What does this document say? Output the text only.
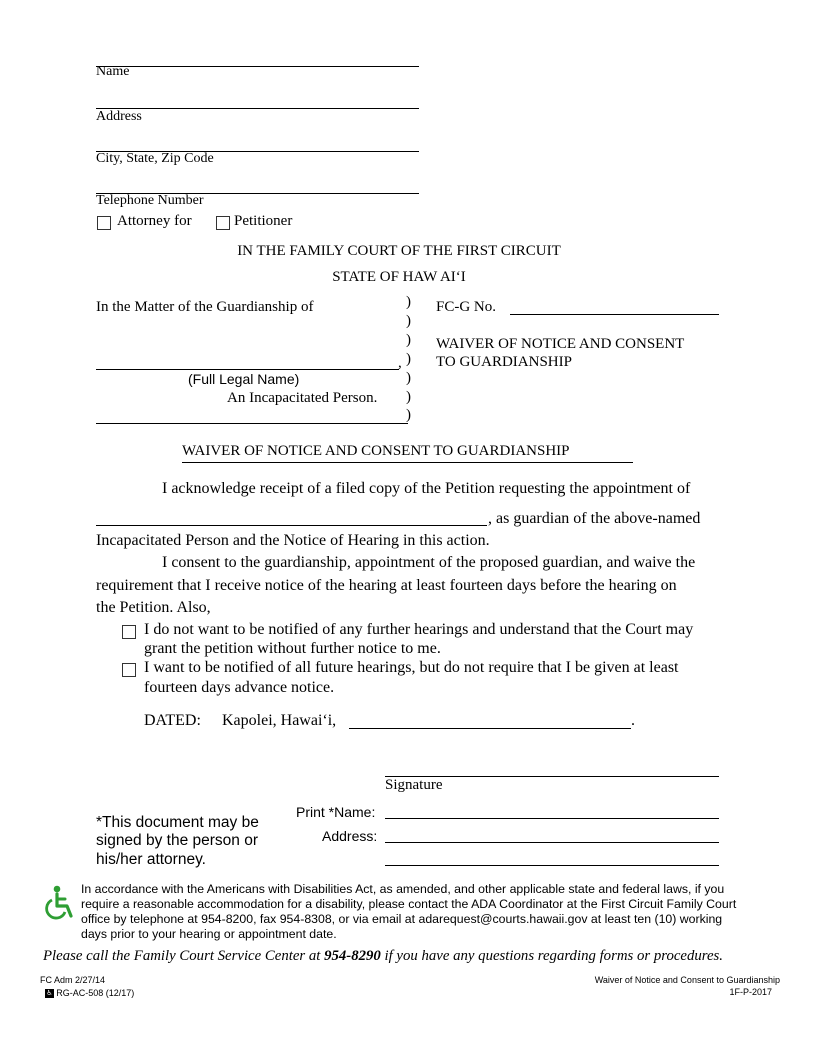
Name
Address
City, State, Zip Code
Telephone Number
Attorney for	Petitioner
IN THE FAMILY COURT OF THE FIRST CIRCUIT
STATE OF HAW AI‘I
In the Matter of the Guardianship of
,
(Full Legal Name)
An Incapacitated Person.
)
)
)
)
)
)
)
FC-G No.
WAIVER OF NOTICE AND CONSENT
TO GUARDIANSHIP
WAIVER OF NOTICE AND CONSENT TO GUARDIANSHIP
I acknowledge receipt of a filed copy of the Petition requesting the appointment of
, as guardian of the above-named
Incapacitated Person and the Notice of Hearing in this action.
I consent to the guardianship, appointment of the proposed guardian, and waive the
requirement that I receive notice of the hearing at least fourteen days before the hearing on
the Petition. Also,
I do not want to be notified of any further hearings and understand that the Court may
grant the petition without further notice to me.
I want to be notified of all future hearings, but do not require that I be given at least
fourteen days advance notice.
DATED: Kapolei, Hawai‘i,	.
Signature
Print *Name:
Address:
*This document may be
signed by the person or
his/her attorney.
In accordance with the Americans with Disabilities Act, as amended, and other applicable state and federal laws, if you
require a reasonable accommodation for a disability, please contact the ADA Coordinator at the First Circuit Family Court
office by telephone at 954-8200, fax 954-8308, or via email at adarequest@courts.hawaii.gov at least ten (10) working
days prior to your hearing or appointment date.
Please call the Family Court Service Center at 954-8290 if you have any questions regarding forms or procedures.
FC Adm 2/27/14
♿ RG-AC-508 (12/17)
Waiver of Notice and Consent to Guardianship
1F-P-2017
